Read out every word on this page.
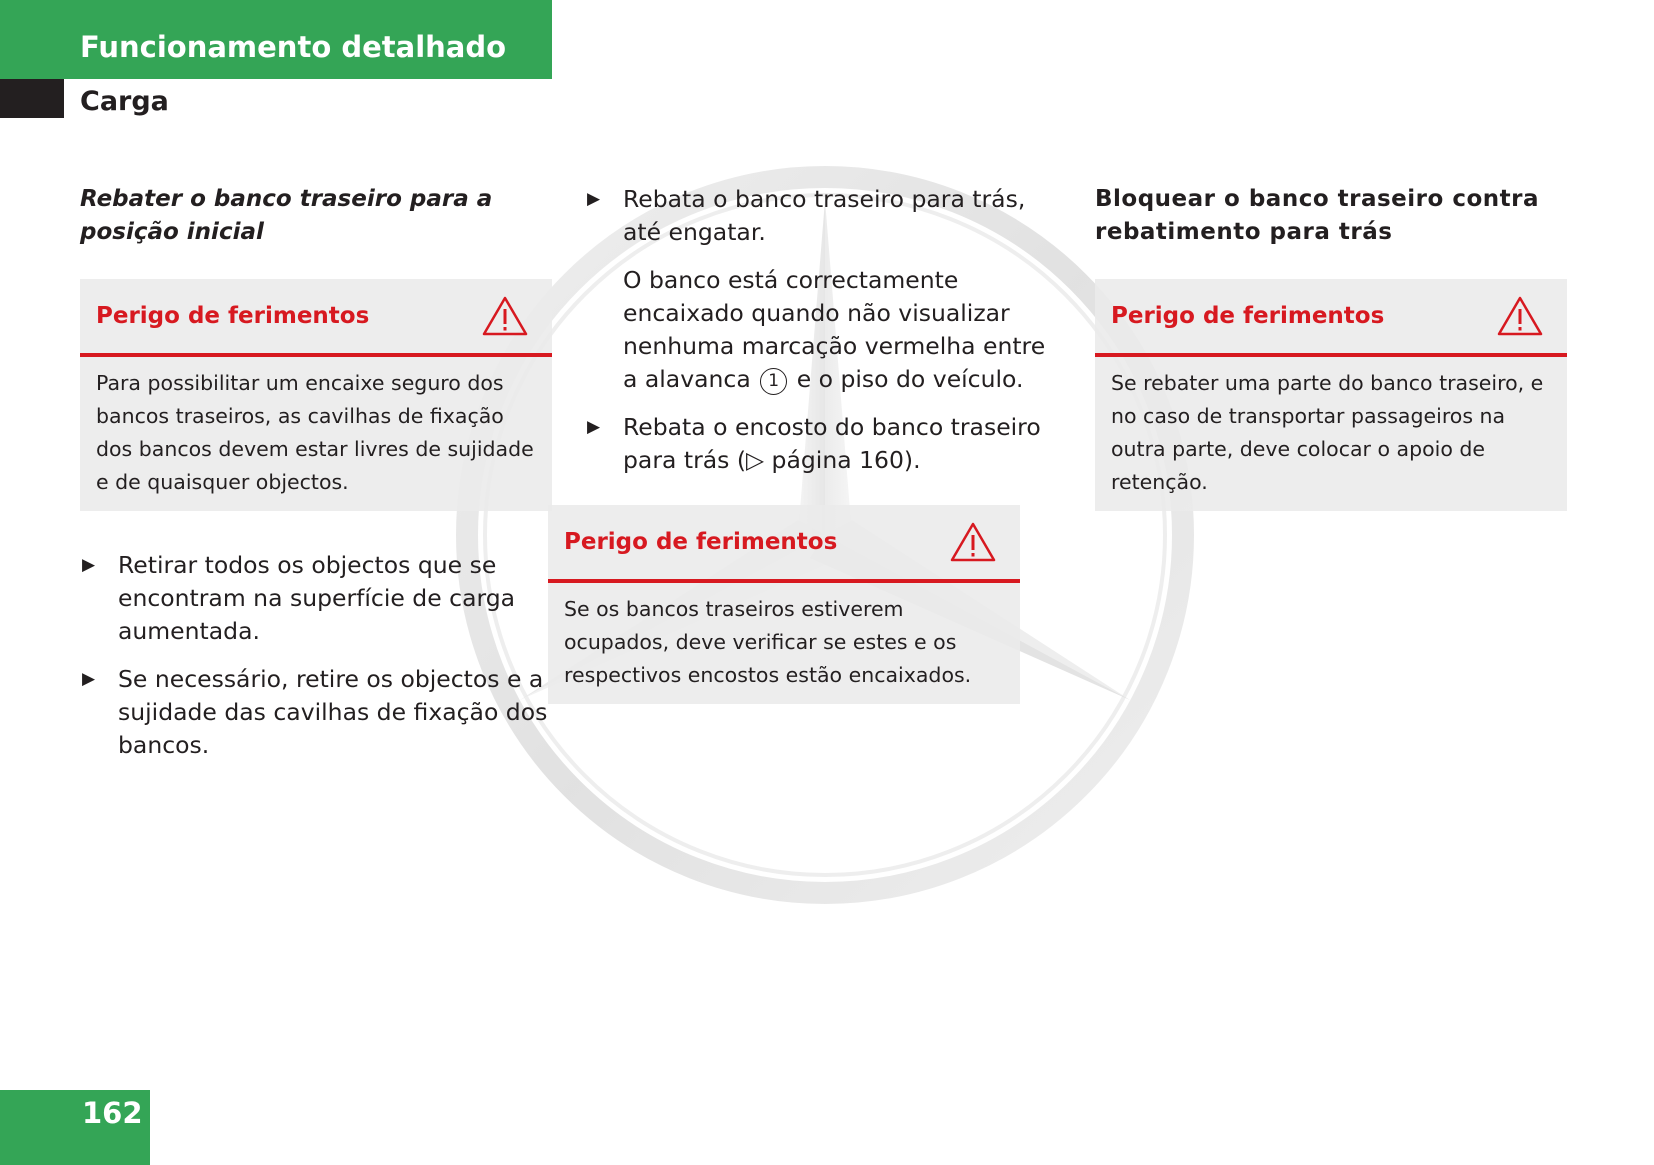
Funcionamento detalhado
Carga
Rebater o banco traseiro para a posição inicial
Perigo de ferimentos
Para possibilitar um encaixe seguro dos bancos traseiros, as cavilhas de fixação dos bancos devem estar livres de sujidade e de quaisquer objectos.
▶ Retirar todos os objectos que se encontram na superfície de carga aumentada.
▶ Se necessário, retire os objectos e a sujidade das cavilhas de fixação dos bancos.
▶ Rebata o banco traseiro para trás, até engatar.
O banco está correctamente encaixado quando não visualizar nenhuma marcação vermelha entre a alavanca 1 e o piso do veículo.
▶ Rebata o encosto do banco traseiro para trás (▷ página 160).
Perigo de ferimentos
Se os bancos traseiros estiverem ocupados, deve verificar se estes e os respectivos encostos estão encaixados.
Bloquear o banco traseiro contra rebatimento para trás
Perigo de ferimentos
Se rebater uma parte do banco traseiro, e no caso de transportar passageiros na outra parte, deve colocar o apoio de retenção.
162
